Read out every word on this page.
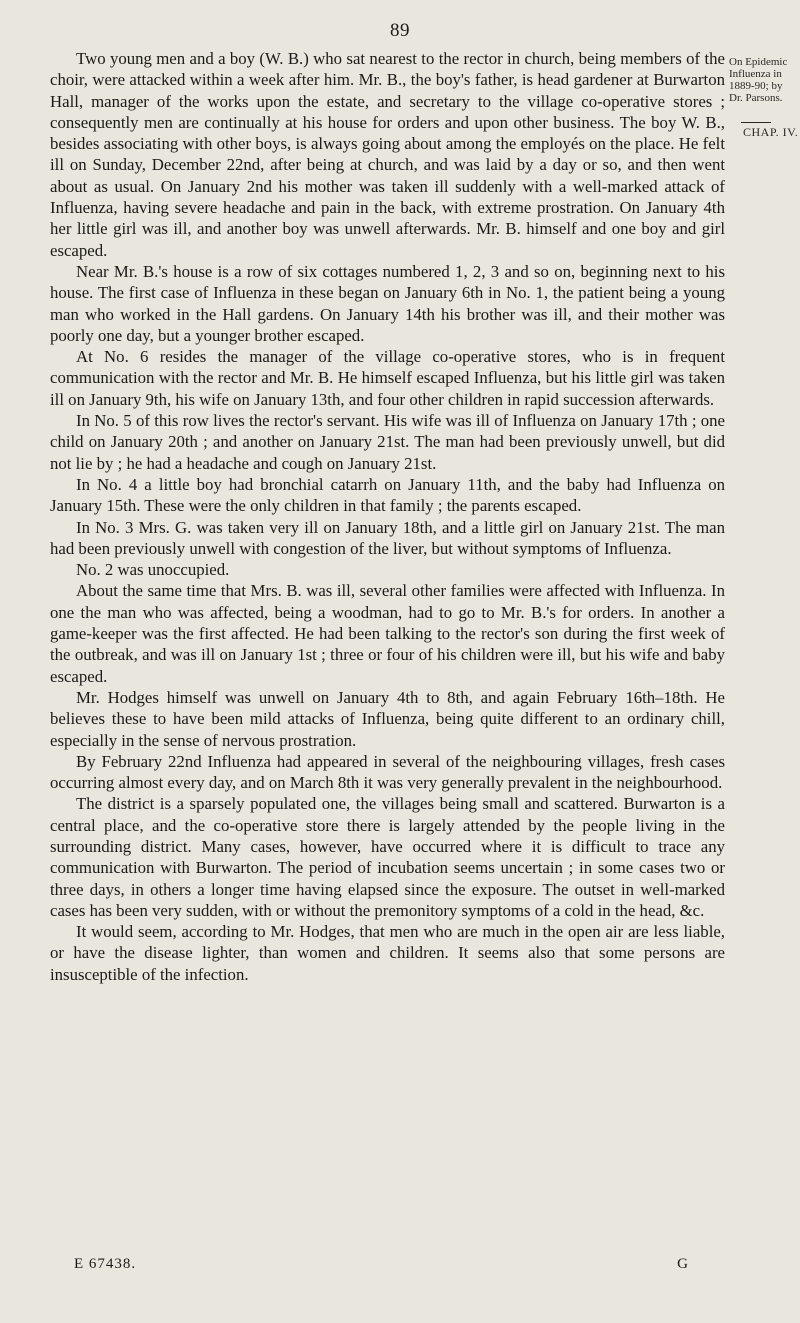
89
On Epidemic
Influenza in
1889-90; by
Dr. Parsons.
CHAP. IV.

Two young men and a boy (W. B.) who sat nearest to the rector in church, being members of the choir, were attacked within a week after him. Mr. B., the boy's father, is head gardener at Burwarton Hall, manager of the works upon the estate, and secretary to the village co-operative stores ; consequently men are continually at his house for orders and upon other business. The boy W. B., besides associating with other boys, is always going about among the employés on the place. He felt ill on Sunday, December 22nd, after being at church, and was laid by a day or so, and then went about as usual. On January 2nd his mother was taken ill suddenly with a well-marked attack of Influenza, having severe headache and pain in the back, with extreme prostration. On January 4th her little girl was ill, and another boy was unwell afterwards. Mr. B. himself and one boy and girl escaped.

Near Mr. B.'s house is a row of six cottages numbered 1, 2, 3 and so on, beginning next to his house. The first case of Influenza in these began on January 6th in No. 1, the patient being a young man who worked in the Hall gardens. On January 14th his brother was ill, and their mother was poorly one day, but a younger brother escaped.

At No. 6 resides the manager of the village co-operative stores, who is in frequent communication with the rector and Mr. B. He himself escaped Influenza, but his little girl was taken ill on January 9th, his wife on January 13th, and four other children in rapid succession afterwards.

In No. 5 of this row lives the rector's servant. His wife was ill of Influenza on January 17th ; one child on January 20th ; and another on January 21st. The man had been previously unwell, but did not lie by ; he had a headache and cough on January 21st.

In No. 4 a little boy had bronchial catarrh on January 11th, and the baby had Influenza on January 15th. These were the only children in that family ; the parents escaped.

In No. 3 Mrs. G. was taken very ill on January 18th, and a little girl on January 21st. The man had been previously unwell with congestion of the liver, but without symptoms of Influenza.

No. 2 was unoccupied.

About the same time that Mrs. B. was ill, several other families were affected with Influenza. In one the man who was affected, being a woodman, had to go to Mr. B.'s for orders. In another a game-keeper was the first affected. He had been talking to the rector's son during the first week of the outbreak, and was ill on January 1st ; three or four of his children were ill, but his wife and baby escaped.

Mr. Hodges himself was unwell on January 4th to 8th, and again February 16th–18th. He believes these to have been mild attacks of Influenza, being quite different to an ordinary chill, especially in the sense of nervous prostration.

By February 22nd Influenza had appeared in several of the neighbouring villages, fresh cases occurring almost every day, and on March 8th it was very generally prevalent in the neighbourhood.

The district is a sparsely populated one, the villages being small and scattered. Burwarton is a central place, and the co-operative store there is largely attended by the people living in the surrounding district. Many cases, however, have occurred where it is difficult to trace any communication with Burwarton. The period of incubation seems uncertain ; in some cases two or three days, in others a longer time having elapsed since the exposure. The outset in well-marked cases has been very sudden, with or without the premonitory symptoms of a cold in the head, &c.

It would seem, according to Mr. Hodges, that men who are much in the open air are less liable, or have the disease lighter, than women and children. It seems also that some persons are insusceptible of the infection.

E 67438.	G
